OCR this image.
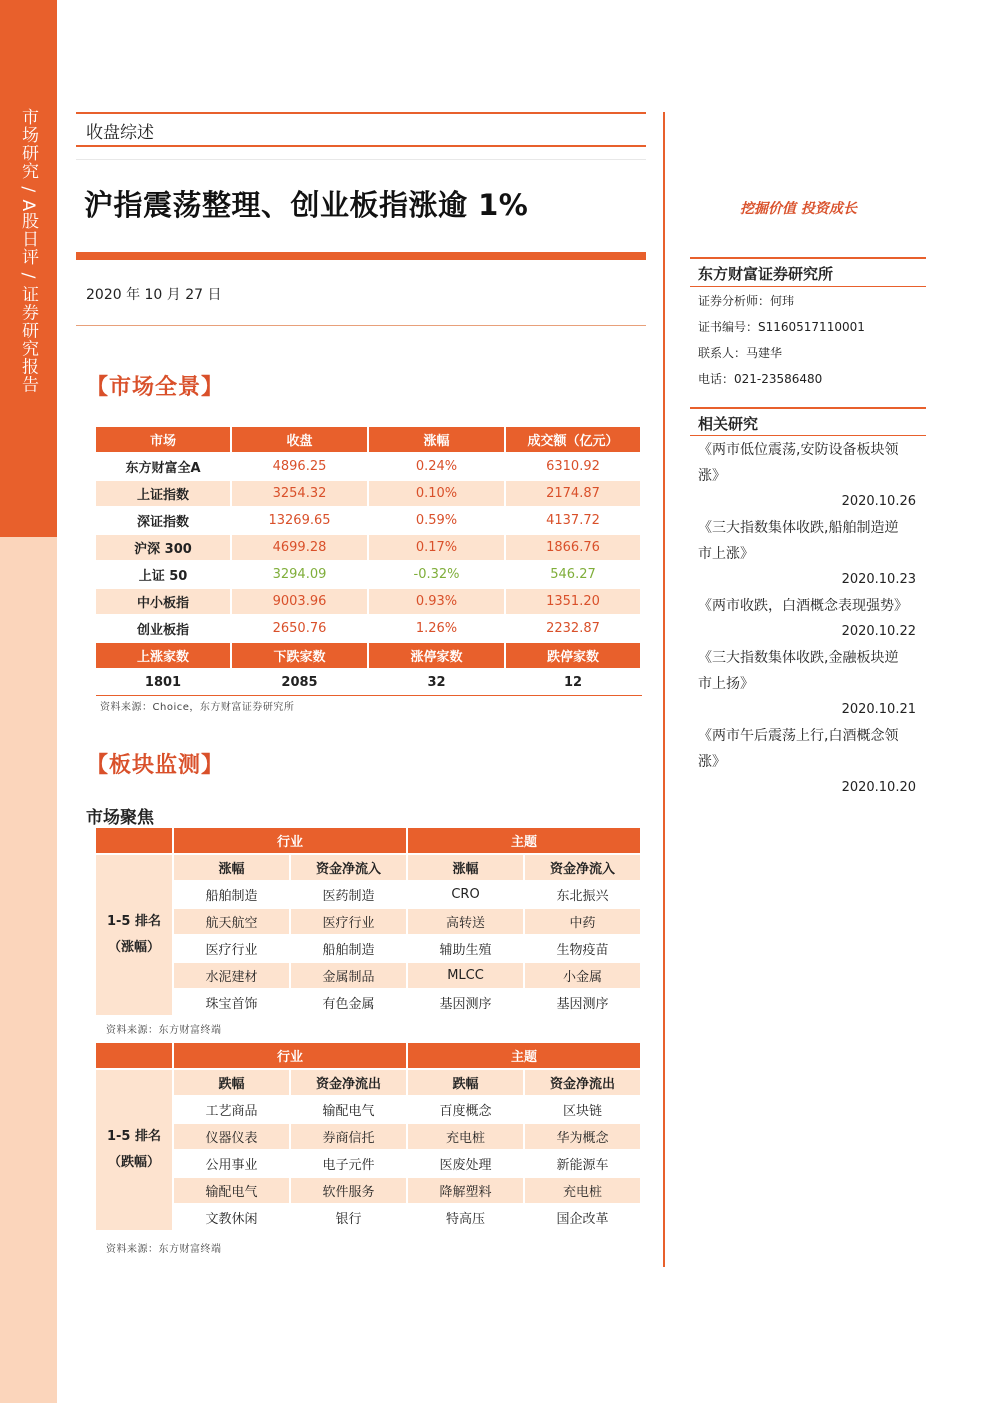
市场研究 / A股日评 / 证券研究报告	收盘综述
沪指震荡整理、创业板指涨逾 1%
2020 年 10 月 27 日
【市场全景】
市场	收盘	涨幅	成交额（亿元）
东方财富全A	4896.25	0.24%	6310.92
上证指数	3254.32	0.10%	2174.87
深证指数	13269.65	0.59%	4137.72
沪深 300	4699.28	0.17%	1866.76
上证 50	3294.09	-0.32%	546.27
中小板指	9003.96	0.93%	1351.20
创业板指	2650.76	1.26%	2232.87
上涨家数	下跌家数	涨停家数	跌停家数
1801	2085	32	12
资料来源：Choice，东方财富证券研究所
【板块监测】
市场聚焦
	行业		主题	

1-5 排名
（涨幅）	涨幅	资金净流入	涨幅	资金净流入
	船舶制造	医药制造	CRO	东北振兴
	航天航空	医疗行业	高转送	中药
	医疗行业	船舶制造	辅助生殖	生物疫苗
	水泥建材	金属制品	MLCC	小金属
	珠宝首饰	有色金属	基因测序	基因测序
资料来源：东方财富终端
	行业		主题	

1-5 排名
（跌幅）	跌幅	资金净流出	跌幅	资金净流出
	工艺商品	输配电气	百度概念	区块链
	仪器仪表	券商信托	充电桩	华为概念
	公用事业	电子元件	医废处理	新能源车
	输配电气	软件服务	降解塑料	充电桩
	文教休闲	银行	特高压	国企改革
资料来源：东方财富终端
挖掘价值 投资成长
东方财富证券研究所
证券分析师：何玮
证书编号：S1160517110001
联系人：马建华
电话：021-23586480
相关研究
《两市低位震荡,安防设备板块领
涨》
2020.10.26
《三大指数集体收跌,船舶制造逆
市上涨》
2020.10.23
《两市收跌，白酒概念表现强势》
2020.10.22
《三大指数集体收跌,金融板块逆
市上扬》
2020.10.21
《两市午后震荡上行,白酒概念领
涨》
2020.10.20
